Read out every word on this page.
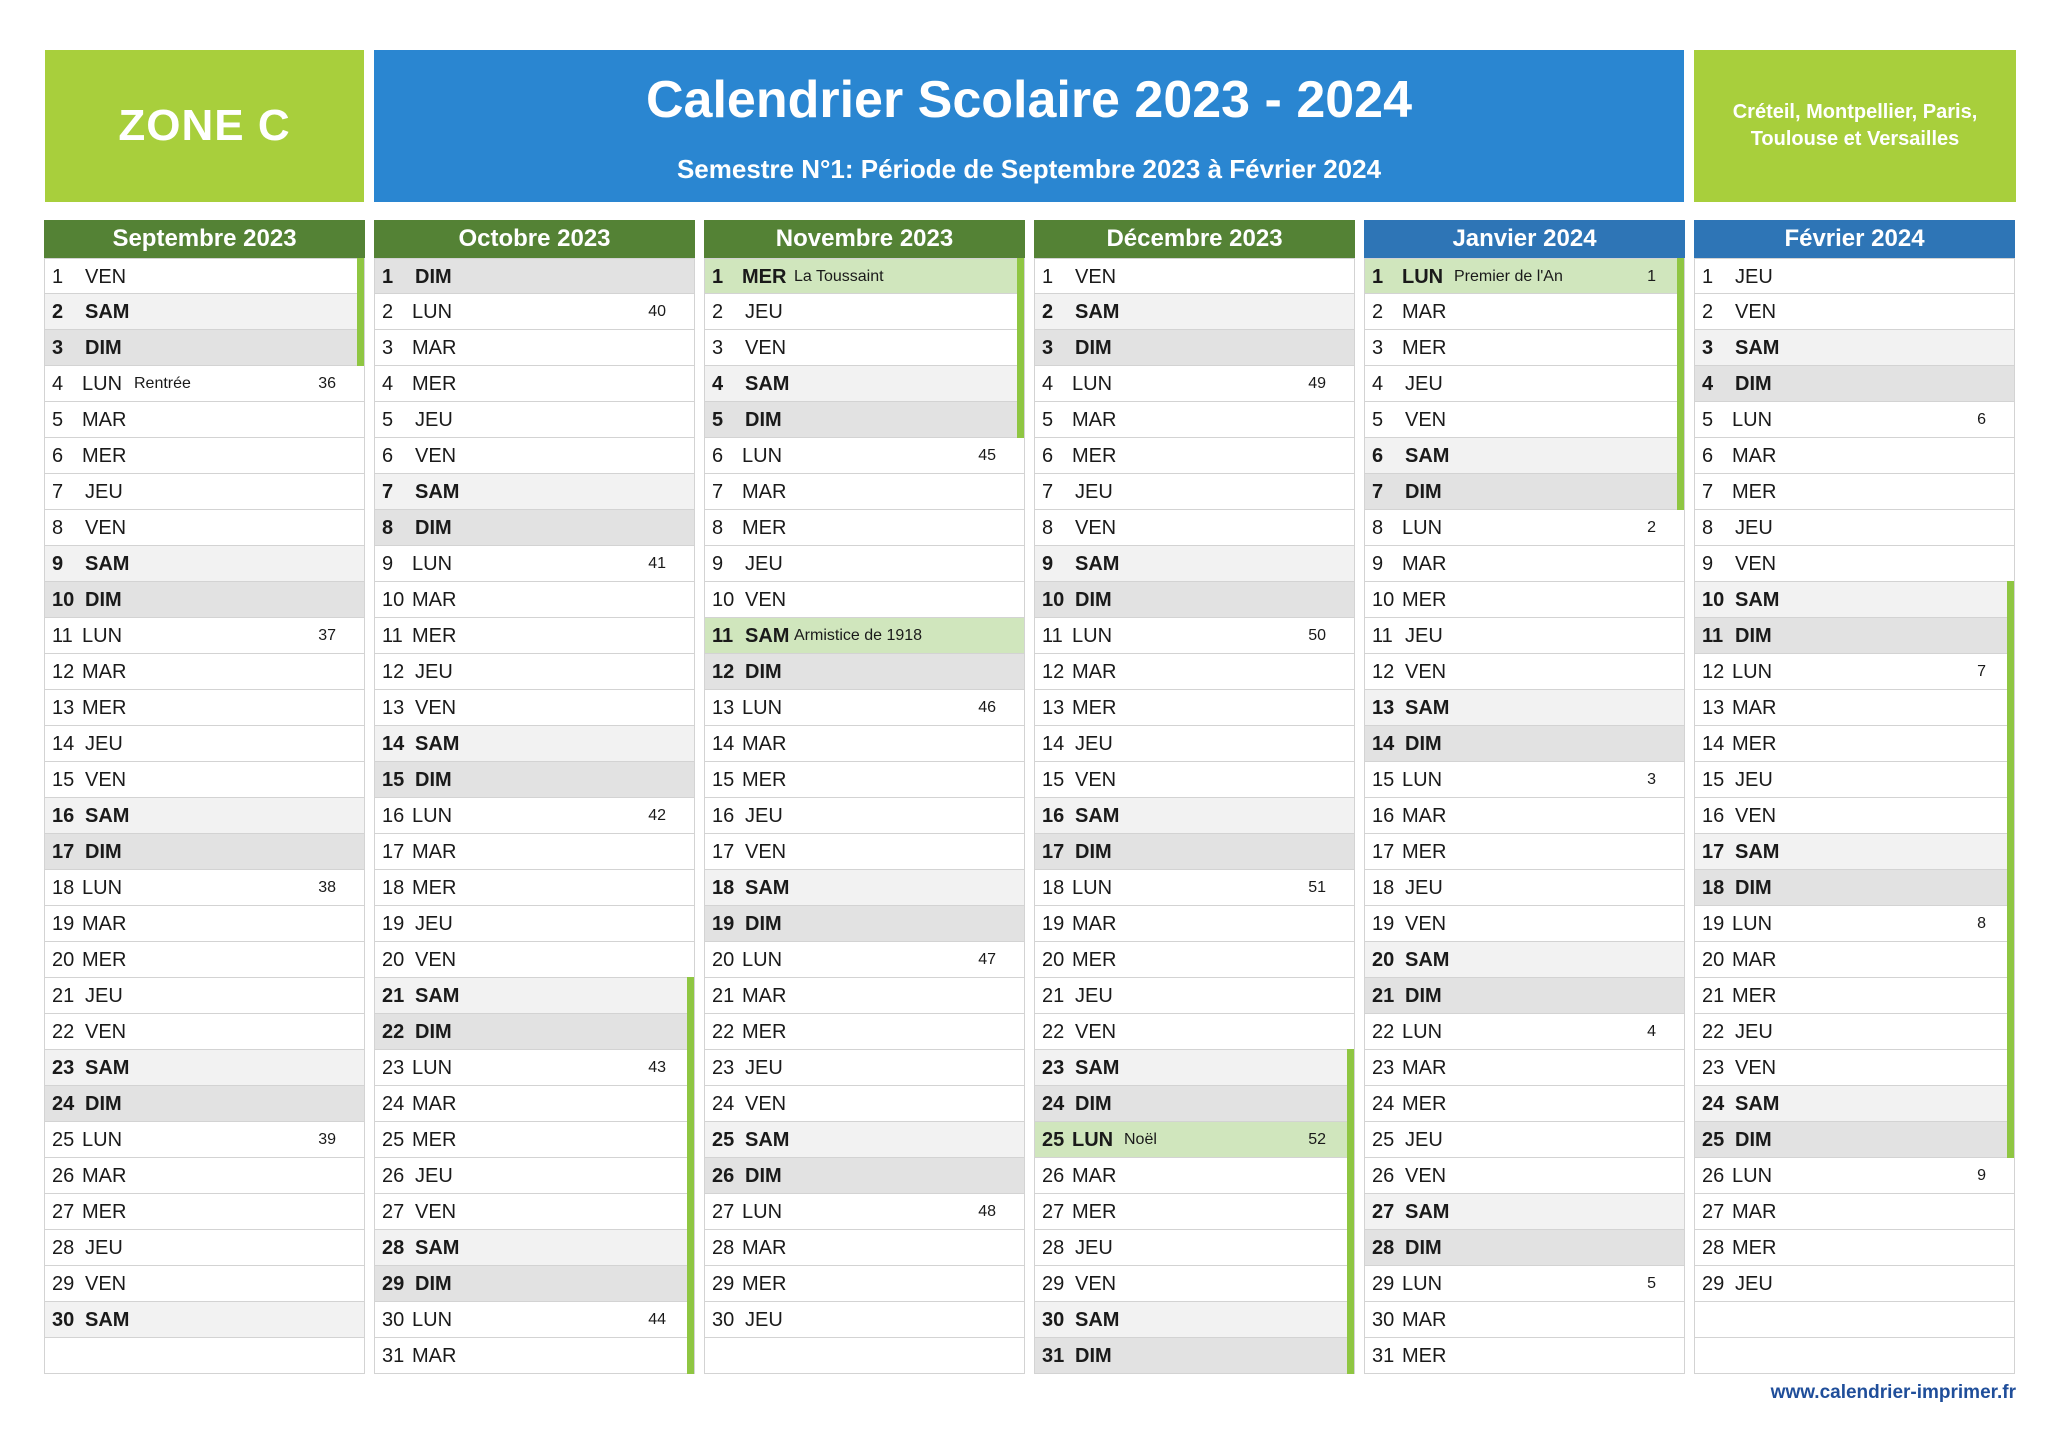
ZONE C	Calendrier Scolaire 2023 - 2024
Semestre N°1: Période de Septembre 2023 à Février 2024
Créteil, Montpellier, Paris,
Toulouse et Versailles
Septembre 2023
1 VEN
2 SAM
3 DIM
4 LUN Rentrée	36
5 MAR
6 MER
7 JEU
8 VEN
9 SAM
10 DIM
11 LUN	37
12 MAR
13 MER
14 JEU
15 VEN
16 SAM
17 DIM
18 LUN	38
19 MAR
20 MER
21 JEU
22 VEN
23 SAM
24 DIM
25 LUN	39
26 MAR
27 MER
28 JEU
29 VEN
30 SAM
Octobre 2023
1 DIM
2 LUN	40
3 MAR
4 MER
5 JEU
6 VEN
7 SAM
8 DIM
9 LUN	41
10 MAR
11 MER
12 JEU
13 VEN
14 SAM
15 DIM
16 LUN	42
17 MAR
18 MER
19 JEU
20 VEN
21 SAM
22 DIM
23 LUN	43
24 MAR
25 MER
26 JEU
27 VEN
28 SAM
29 DIM
30 LUN	44
31 MAR
Novembre 2023
1 MER La Toussaint
2 JEU
3 VEN
4 SAM
5 DIM
6 LUN	45
7 MAR
8 MER
9 JEU
10 VEN
11 SAM Armistice de 1918
12 DIM
13 LUN	46
14 MAR
15 MER
16 JEU
17 VEN
18 SAM
19 DIM
20 LUN	47
21 MAR
22 MER
23 JEU
24 VEN
25 SAM
26 DIM
27 LUN	48
28 MAR
29 MER
30 JEU
Décembre 2023
1 VEN
2 SAM
3 DIM
4 LUN	49
5 MAR
6 MER
7 JEU
8 VEN
9 SAM
10 DIM
11 LUN	50
12 MAR
13 MER
14 JEU
15 VEN
16 SAM
17 DIM
18 LUN	51
19 MAR
20 MER
21 JEU
22 VEN
23 SAM
24 DIM
25 LUN Noël	52
26 MAR
27 MER
28 JEU
29 VEN
30 SAM
31 DIM
Janvier 2024
1 LUN Premier de l'An	1
2 MAR
3 MER
4 JEU
5 VEN
6 SAM
7 DIM
8 LUN	2
9 MAR
10 MER
11 JEU
12 VEN
13 SAM
14 DIM
15 LUN	3
16 MAR
17 MER
18 JEU
19 VEN
20 SAM
21 DIM
22 LUN	4
23 MAR
24 MER
25 JEU
26 VEN
27 SAM
28 DIM
29 LUN	5
30 MAR
31 MER
Février 2024
1 JEU
2 VEN
3 SAM
4 DIM
5 LUN	6
6 MAR
7 MER
8 JEU
9 VEN
10 SAM
11 DIM
12 LUN	7
13 MAR
14 MER
15 JEU
16 VEN
17 SAM
18 DIM
19 LUN	8
20 MAR
21 MER
22 JEU
23 VEN
24 SAM
25 DIM
26 LUN	9
27 MAR
28 MER
29 JEU
www.calendrier-imprimer.fr
